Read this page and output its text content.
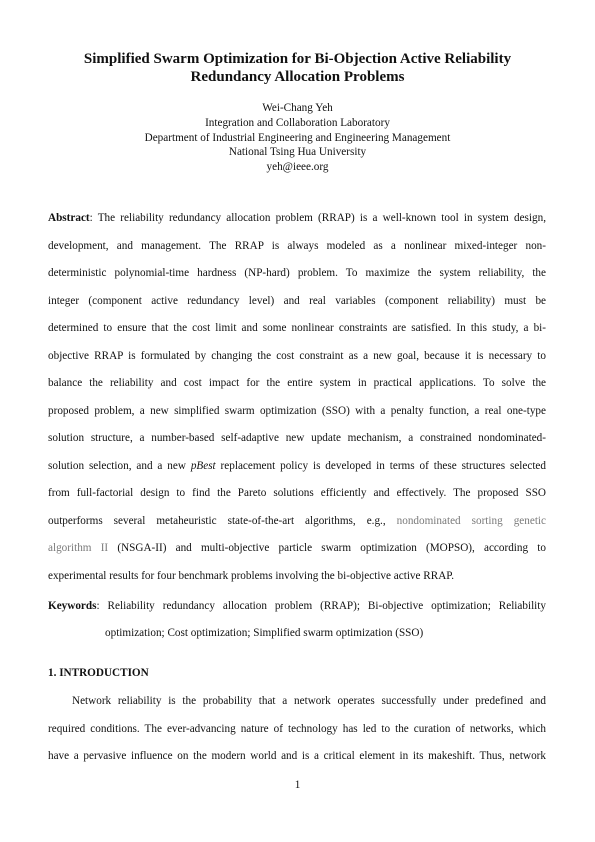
Simplified Swarm Optimization for Bi-Objection Active Reliability
Redundancy Allocation Problems
Wei-Chang Yeh
Integration and Collaboration Laboratory
Department of Industrial Engineering and Engineering Management
National Tsing Hua University
yeh@ieee.org
Abstract: The reliability redundancy allocation problem (RRAP) is a well-known tool in system design,
development, and management. The RRAP is always modeled as a nonlinear mixed-integer non-
deterministic polynomial-time hardness (NP-hard) problem. To maximize the system reliability, the
integer (component active redundancy level) and real variables (component reliability) must be
determined to ensure that the cost limit and some nonlinear constraints are satisfied. In this study, a bi-
objective RRAP is formulated by changing the cost constraint as a new goal, because it is necessary to
balance the reliability and cost impact for the entire system in practical applications. To solve the
proposed problem, a new simplified swarm optimization (SSO) with a penalty function, a real one-type
solution structure, a number-based self-adaptive new update mechanism, a constrained nondominated-
solution selection, and a new pBest replacement policy is developed in terms of these structures selected
from full-factorial design to find the Pareto solutions efficiently and effectively. The proposed SSO
outperforms several metaheuristic state-of-the-art algorithms, e.g., nondominated sorting genetic
algorithm II (NSGA-II) and multi-objective particle swarm optimization (MOPSO), according to
experimental results for four benchmark problems involving the bi-objective active RRAP.
Keywords: Reliability redundancy allocation problem (RRAP); Bi-objective optimization; Reliability
optimization; Cost optimization; Simplified swarm optimization (SSO)
1. INTRODUCTION
Network reliability is the probability that a network operates successfully under predefined and
required conditions. The ever-advancing nature of technology has led to the curation of networks, which
have a pervasive influence on the modern world and is a critical element in its makeshift. Thus, network
1
